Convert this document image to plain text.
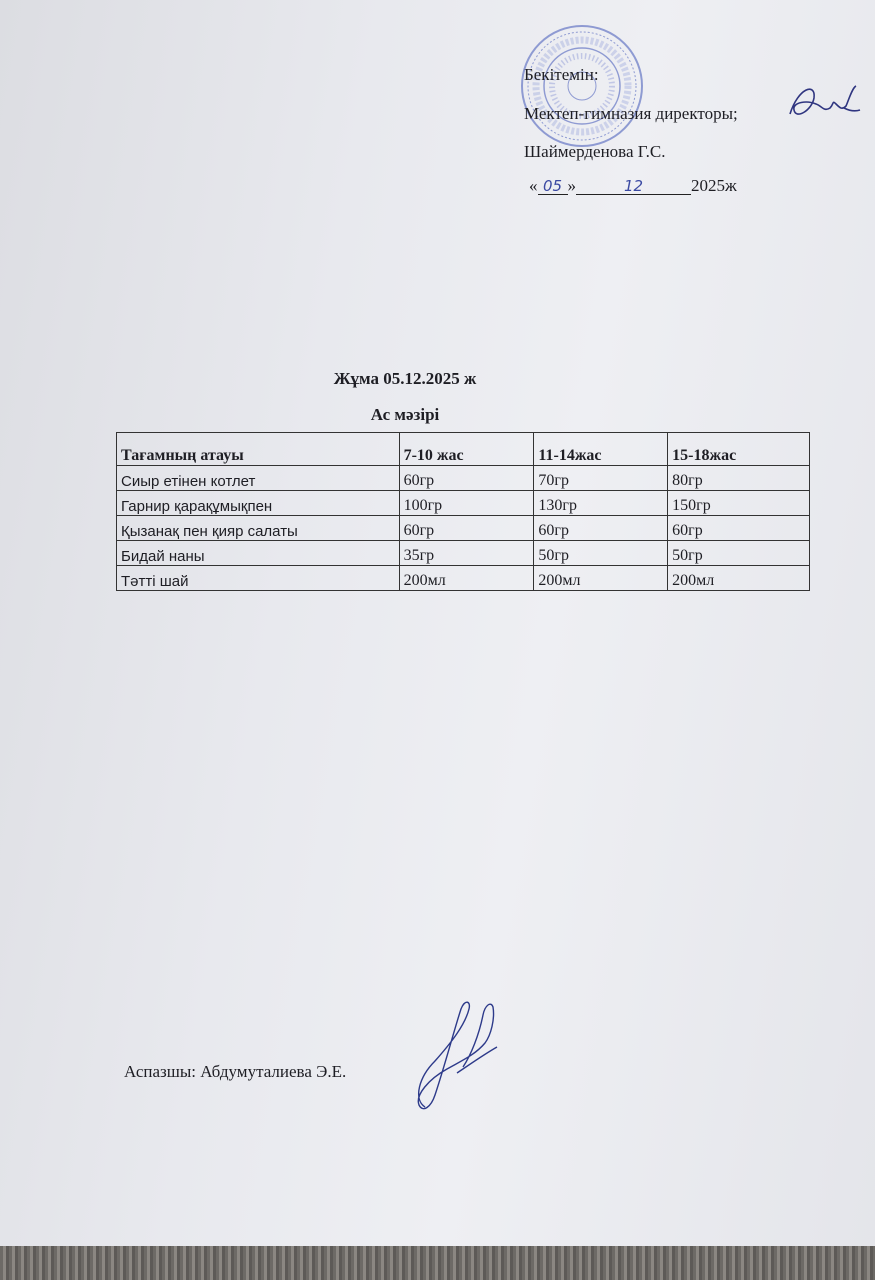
Бекітемін:
Мектеп-гимназия директоры;
Шаймерденова Г.С.
« 05 »	12	2025ж
Жұма 05.12.2025 ж
Ас мәзірі
Тағамның атауы	7-10 жас	11-14жас	15-18жас
Сиыр етінен котлет	60гр	70гр	80гр
Гарнир қарақұмықпен	100гр	130гр	150гр
Қызанақ пен қияр салаты	60гр	60гр	60гр
Бидай наны	35гр	50гр	50гр
Тәтті шай	200мл	200мл	200мл
Аспазшы: Абдумуталиева Э.Е.
